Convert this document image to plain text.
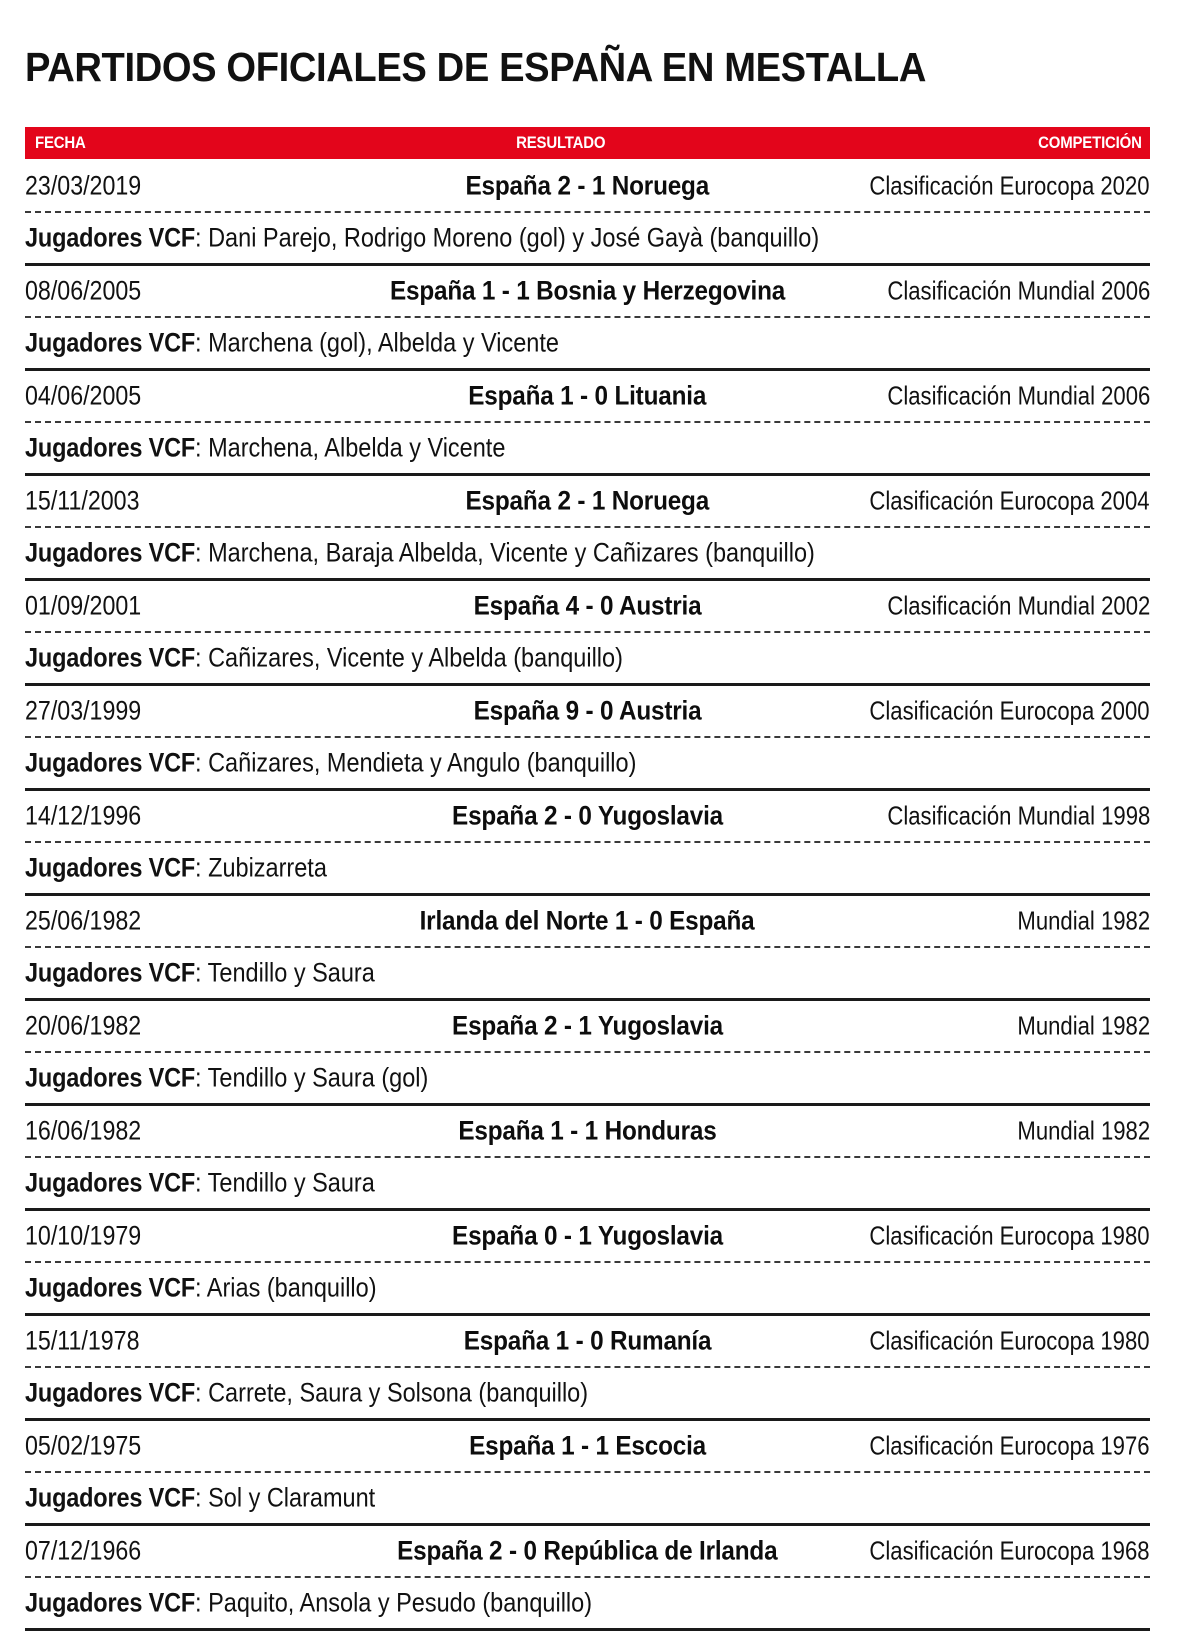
PARTIDOS OFICIALES DE ESPAÑA EN MESTALLA
FECHA	RESULTADO	COMPETICIÓN
23/03/2019	España 2 - 1 Noruega	Clasificación Eurocopa 2020
Jugadores VCF: Dani Parejo, Rodrigo Moreno (gol) y José Gayà (banquillo)
08/06/2005	España 1 - 1 Bosnia y Herzegovina	Clasificación Mundial 2006
Jugadores VCF: Marchena (gol), Albelda y Vicente
04/06/2005	España 1 - 0 Lituania	Clasificación Mundial 2006
Jugadores VCF: Marchena, Albelda y Vicente
15/11/2003	España 2 - 1 Noruega	Clasificación Eurocopa 2004
Jugadores VCF: Marchena, Baraja Albelda, Vicente y Cañizares (banquillo)
01/09/2001	España 4 - 0 Austria	Clasificación Mundial 2002
Jugadores VCF: Cañizares, Vicente y Albelda (banquillo)
27/03/1999	España 9 - 0 Austria	Clasificación Eurocopa 2000
Jugadores VCF: Cañizares, Mendieta y Angulo (banquillo)
14/12/1996	España 2 - 0 Yugoslavia	Clasificación Mundial 1998
Jugadores VCF: Zubizarreta
25/06/1982	Irlanda del Norte 1 - 0 España	Mundial 1982
Jugadores VCF: Tendillo y Saura
20/06/1982	España 2 - 1 Yugoslavia	Mundial 1982
Jugadores VCF: Tendillo y Saura (gol)
16/06/1982	España 1 - 1 Honduras	Mundial 1982
Jugadores VCF: Tendillo y Saura
10/10/1979	España 0 - 1 Yugoslavia	Clasificación Eurocopa 1980
Jugadores VCF: Arias (banquillo)
15/11/1978	España 1 - 0 Rumanía	Clasificación Eurocopa 1980
Jugadores VCF: Carrete, Saura y Solsona (banquillo)
05/02/1975	España 1 - 1 Escocia	Clasificación Eurocopa 1976
Jugadores VCF: Sol y Claramunt
07/12/1966	España 2 - 0 República de Irlanda	Clasificación Eurocopa 1968
Jugadores VCF: Paquito, Ansola y Pesudo (banquillo)
